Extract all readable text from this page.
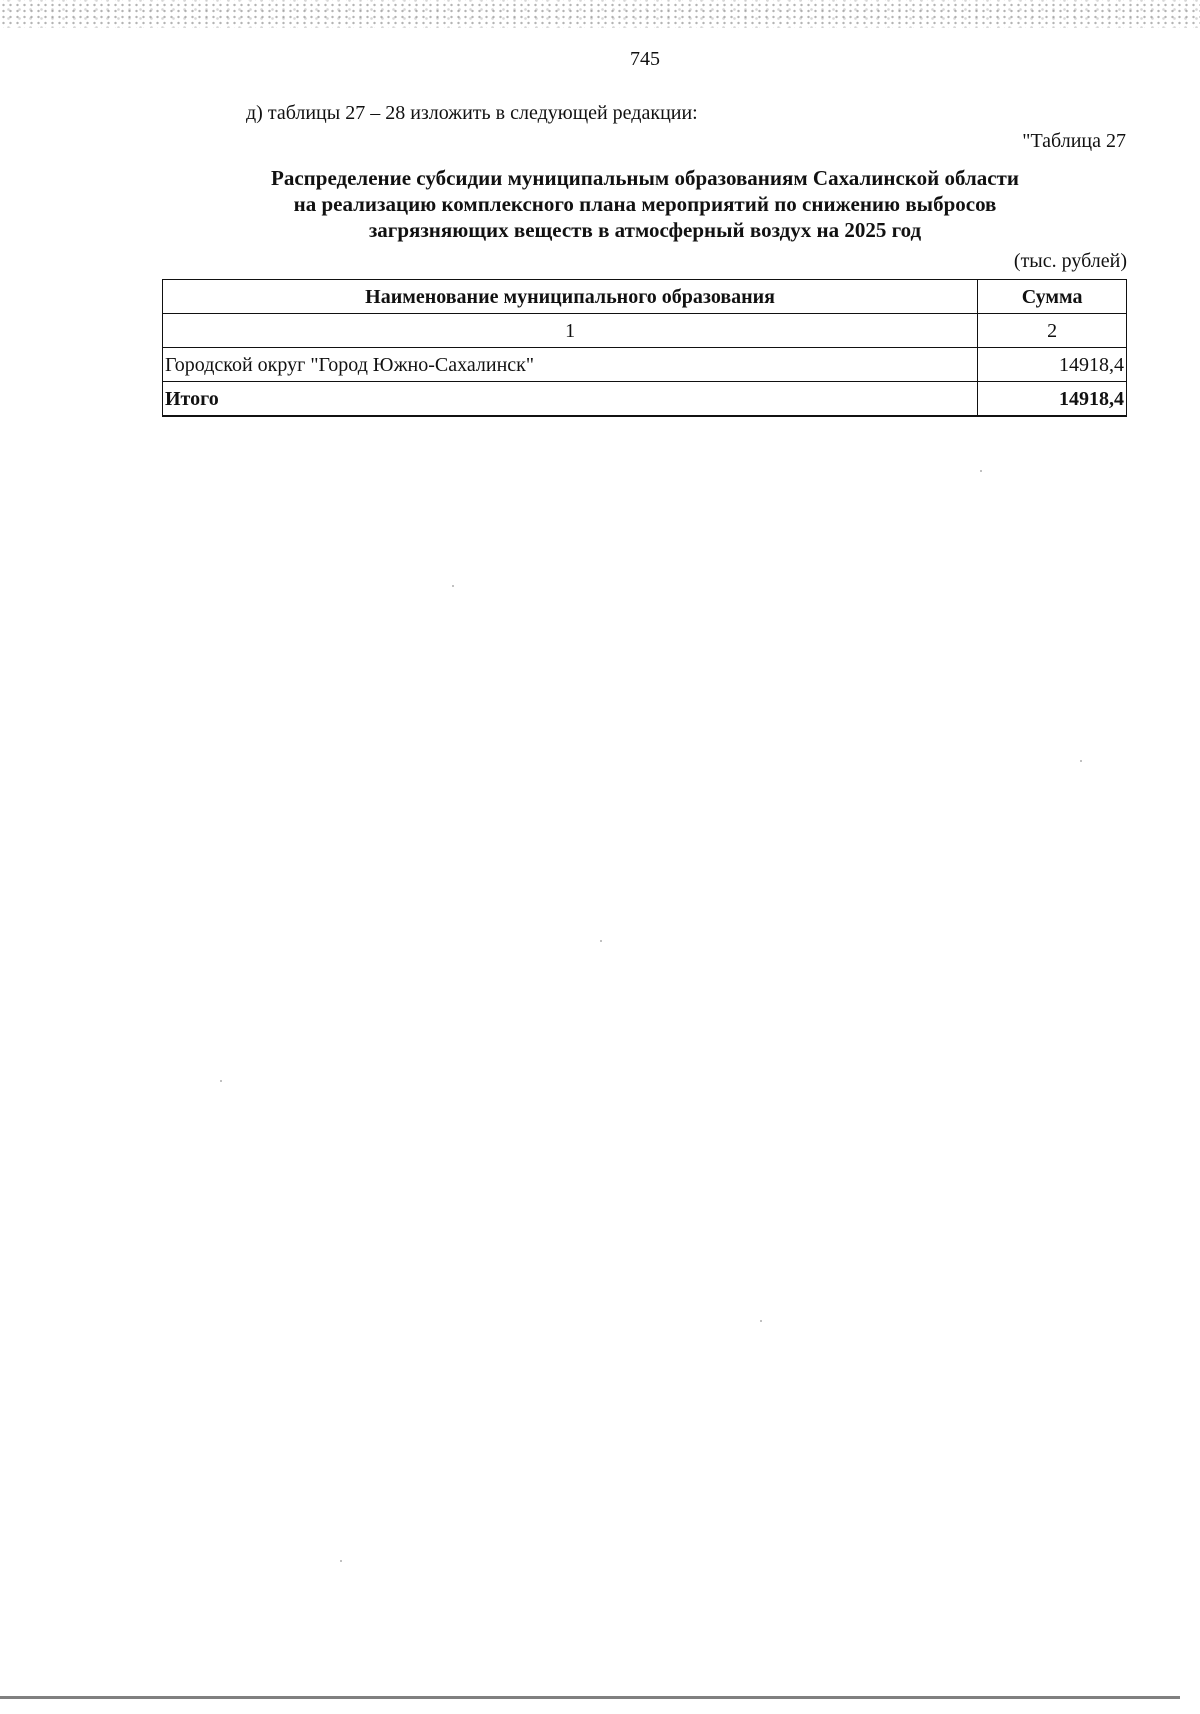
745
д) таблицы 27 – 28 изложить в следующей редакции:
"Таблица 27
Распределение субсидии муниципальным образованиям Сахалинской области
на реализацию комплексного плана мероприятий по снижению выбросов
загрязняющих веществ в атмосферный воздух на 2025 год
(тыс. рублей)
Наименование муниципального образования	Сумма
1	2
Городской округ "Город Южно-Сахалинск"	14918,4
Итого	14918,4
